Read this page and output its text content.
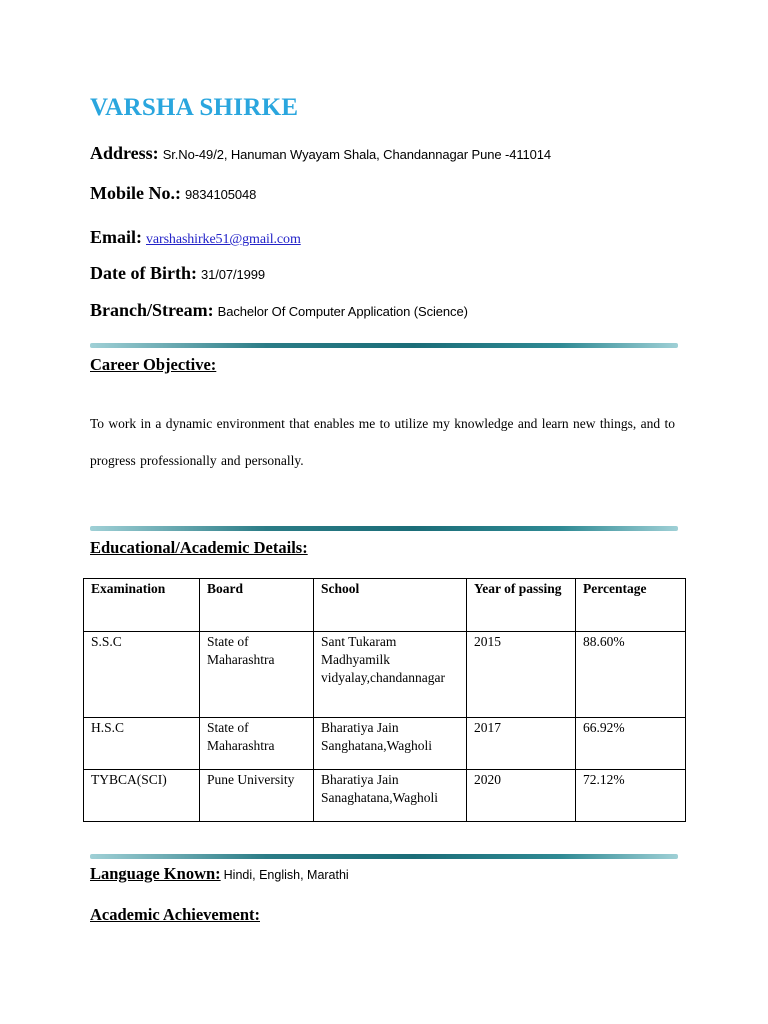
VARSHA SHIRKE
Address: Sr.No-49/2, Hanuman Wyayam Shala, Chandannagar Pune -411014
Mobile No.: 9834105048
Email: varshashirke51@gmail.com
Date of Birth: 31/07/1999
Branch/Stream: Bachelor Of Computer Application (Science)
Career Objective:
To work in a dynamic environment that enables me to utilize my knowledge and learn new things, and to progress professionally and personally.
Educational/Academic Details:
Examination	Board	School	Year of passing	Percentage
S.S.C	State of Maharashtra	Sant Tukaram Madhyamilk vidyalay,chandannagar	2015	88.60%
H.S.C	State of Maharashtra	Bharatiya Jain Sanghatana,Wagholi	2017	66.92%
TYBCA(SCI)	Pune University	Bharatiya Jain Sanaghatana,Wagholi	2020	72.12%
Language Known: Hindi, English, Marathi
Academic Achievement:
